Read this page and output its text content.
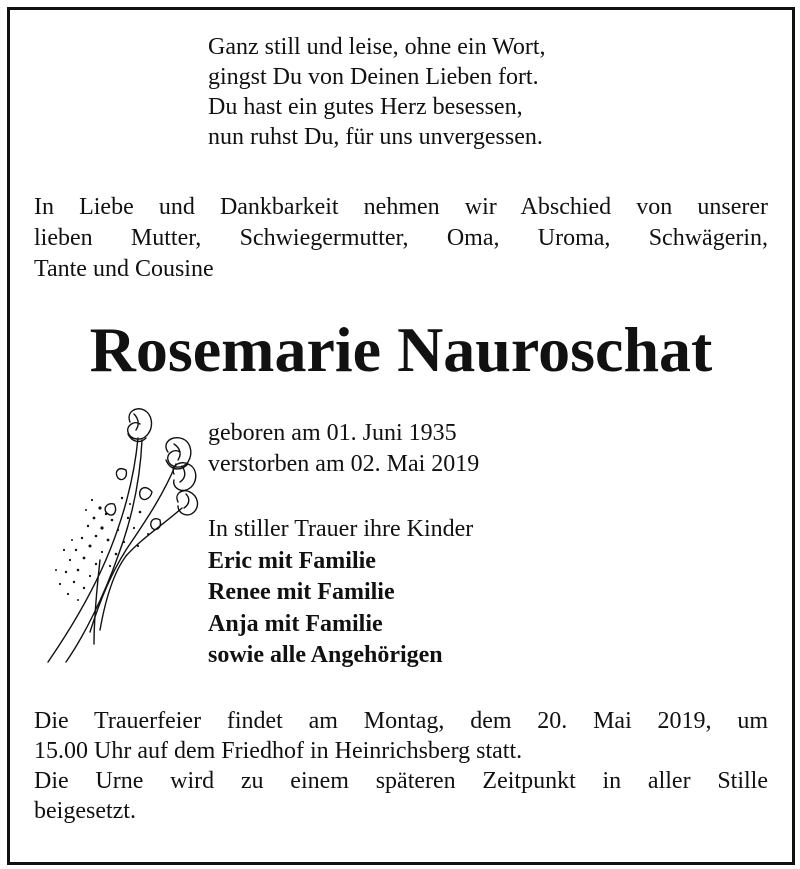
Ganz still und leise, ohne ein Wort,
gingst Du von Deinen Lieben fort.
Du hast ein gutes Herz besessen,
nun ruhst Du, für uns unvergessen.
In Liebe und Dankbarkeit nehmen wir Abschied von unserer
lieben Mutter, Schwiegermutter, Oma, Uroma, Schwägerin,
Tante und Cousine
Rosemarie Nauroschat
geboren am 01. Juni 1935
verstorben am 02. Mai 2019
In stiller Trauer ihre Kinder
Eric mit Familie
Renee mit Familie
Anja mit Familie
sowie alle Angehörigen
Die Trauerfeier findet am Montag, dem 20. Mai 2019, um
15.00 Uhr auf dem Friedhof in Heinrichsberg statt.
Die Urne wird zu einem späteren Zeitpunkt in aller Stille
beigesetzt.
